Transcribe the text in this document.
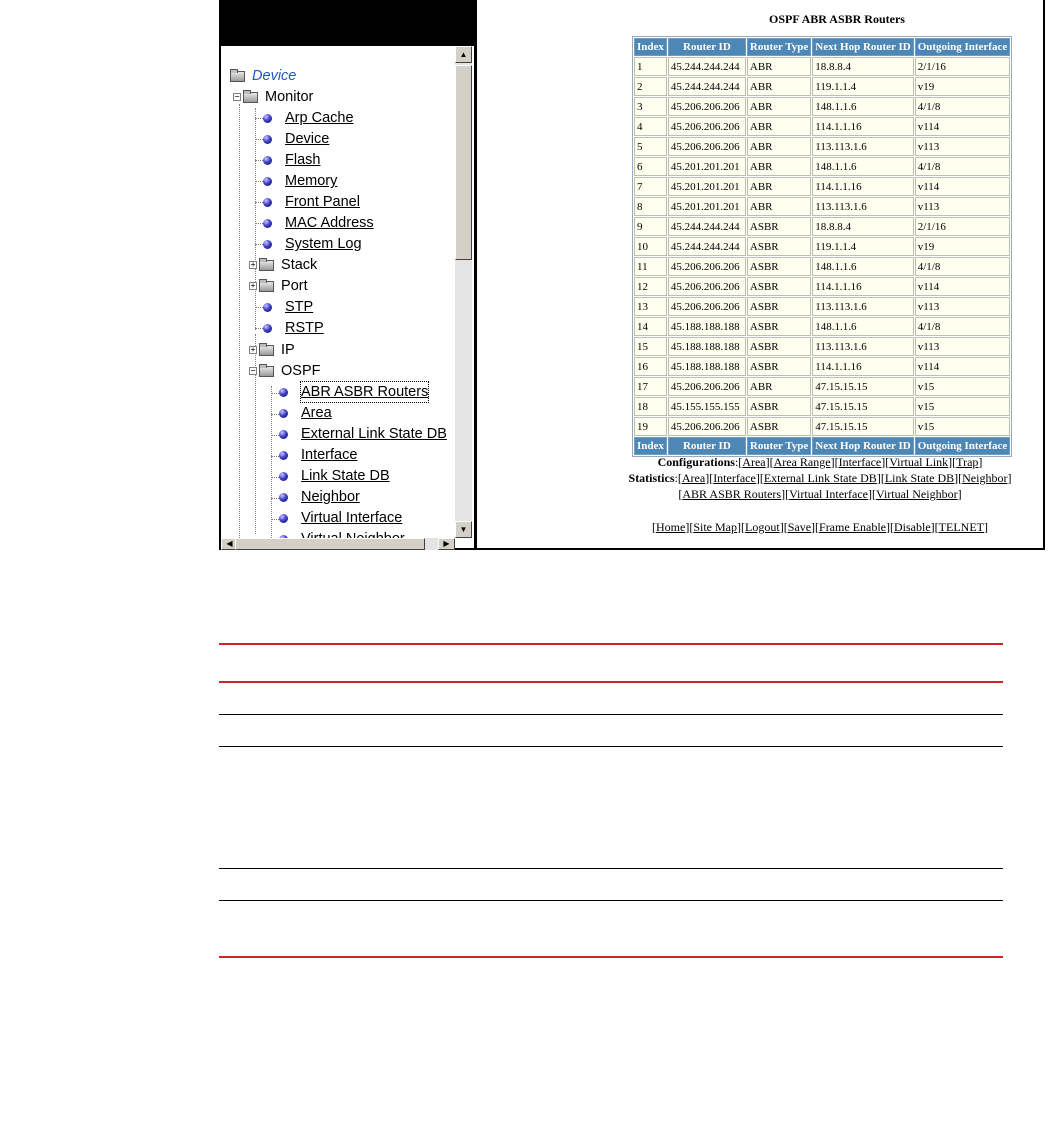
Device
− Monitor
Arp Cache
Device
Flash
Memory
Front Panel
MAC Address
System Log
+ Stack
+ Port
STP
RSTP
+ IP
− OSPF
ABR ASBR Routers
Area
External Link State DB
Interface
Link State DB
Neighbor
Virtual Interface
▲
▼
◀	▶
OSPF ABR ASBR Routers
Index	Router ID	Router Type	Next Hop Router ID	Outgoing Interface
1	45.244.244.244	ABR	18.8.8.4	2/1/16
2	45.244.244.244	ABR	119.1.1.4	v19
3	45.206.206.206	ABR	148.1.1.6	4/1/8
4	45.206.206.206	ABR	114.1.1.16	v114
5	45.206.206.206	ABR	113.113.1.6	v113
6	45.201.201.201	ABR	148.1.1.6	4/1/8
7	45.201.201.201	ABR	114.1.1.16	v114
8	45.201.201.201	ABR	113.113.1.6	v113
9	45.244.244.244	ASBR	18.8.8.4	2/1/16
10	45.244.244.244	ASBR	119.1.1.4	v19
11	45.206.206.206	ASBR	148.1.1.6	4/1/8
12	45.206.206.206	ASBR	114.1.1.16	v114
13	45.206.206.206	ASBR	113.113.1.6	v113
14	45.188.188.188	ASBR	148.1.1.6	4/1/8
15	45.188.188.188	ASBR	113.113.1.6	v113
16	45.188.188.188	ASBR	114.1.1.16	v114
17	45.206.206.206	ABR	47.15.15.15	v15
18	45.155.155.155	ASBR	47.15.15.15	v15
19	45.206.206.206	ASBR	47.15.15.15	v15
Index	Router ID	Router Type	Next Hop Router ID	Outgoing Interface
Configurations:[Area][Area Range][Interface][Virtual Link][Trap]
Statistics:[Area][Interface][External Link State DB][Link State DB][Neighbor]
[ABR ASBR Routers][Virtual Interface][Virtual Neighbor]
[Home][Site Map][Logout][Save][Frame Enable][Disable][TELNET]
